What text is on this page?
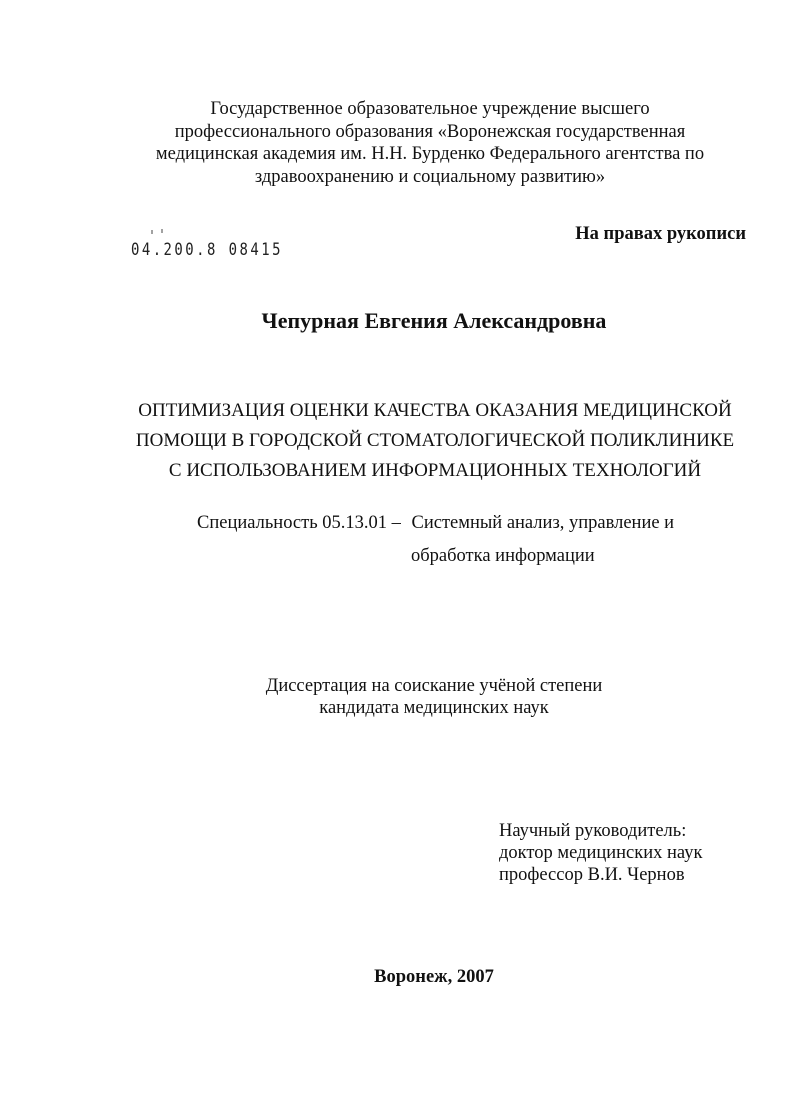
Государственное образовательное учреждение высшего
профессионального образования «Воронежская государственная
медицинская академия им. Н.Н. Бурденко Федерального агентства по
здравоохранению и социальному развитию»
04.200.8 08415
На правах рукописи
Чепурная Евгения Александровна
ОПТИМИЗАЦИЯ ОЦЕНКИ КАЧЕСТВА ОКАЗАНИЯ МЕДИЦИНСКОЙ
ПОМОЩИ В ГОРОДСКОЙ СТОМАТОЛОГИЧЕСКОЙ ПОЛИКЛИНИКЕ
С ИСПОЛЬЗОВАНИЕМ ИНФОРМАЦИОННЫХ ТЕХНОЛОГИЙ
Специальность 05.13.01 – Системный анализ, управление и
обработка информации
Диссертация на соискание учёной степени
кандидата медицинских наук
Научный руководитель:
доктор медицинских наук
профессор В.И. Чернов
Воронеж, 2007
